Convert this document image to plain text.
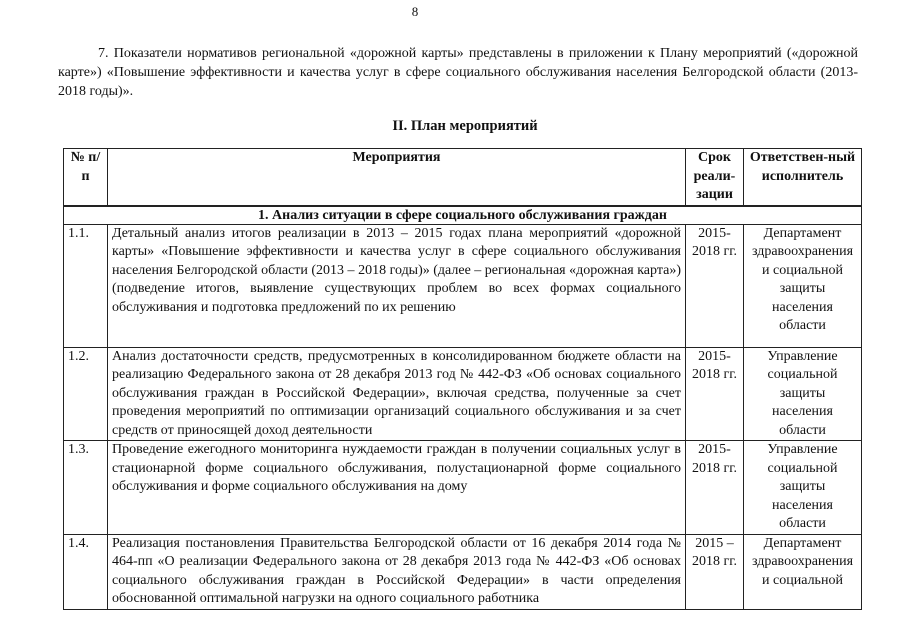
8

7. Показатели нормативов региональной «дорожной карты» представлены в приложении к Плану мероприятий («дорожной карте») «Повышение эффективности и качества услуг в сфере социального обслуживания населения Белгородской области (2013-2018 годы)».

II. План мероприятий
№ п/п	Мероприятия	Срок реали-зации	Ответствен-ный исполнитель
1. Анализ ситуации в сфере социального обслуживания граждан			
1.1.	Детальный анализ итогов реализации в 2013 – 2015 годах плана мероприятий «дорожной карты» «Повышение эффективности и качества услуг в сфере социального обслуживания населения Белгородской области (2013 – 2018 годы)» (далее – региональная «дорожная карта») (подведение итогов, выявление существующих проблем во всех формах социального обслуживания и подготовка предложений по их решению	2015-2018 гг.	Департамент здравоохранения и социальной защиты населения области
1.2.	Анализ достаточности средств, предусмотренных в консолидированном бюджете области на реализацию Федерального закона от 28 декабря 2013 год № 442-ФЗ «Об основах социального обслуживания граждан в Российской Федерации», включая средства, полученные за счет проведения мероприятий по оптимизации организаций социального обслуживания и за счет средств от приносящей доход деятельности	2015-2018 гг.	Управление социальной защиты населения области
1.3.	Проведение ежегодного мониторинга нуждаемости граждан в получении социальных услуг в стационарной форме социального обслуживания, полустационарной форме социального обслуживания и форме социального обслуживания на дому	2015-2018 гг.	Управление социальной защиты населения области
1.4.	Реализация постановления Правительства Белгородской области от 16 декабря 2014 года № 464-пп «О реализации Федерального закона от 28 декабря 2013 года № 442-ФЗ «Об основах социального обслуживания граждан в Российской Федерации» в части определения обоснованной оптимальной нагрузки на одного социального работника	2015 – 2018 гг.	Департамент здравоохранения и социальной
